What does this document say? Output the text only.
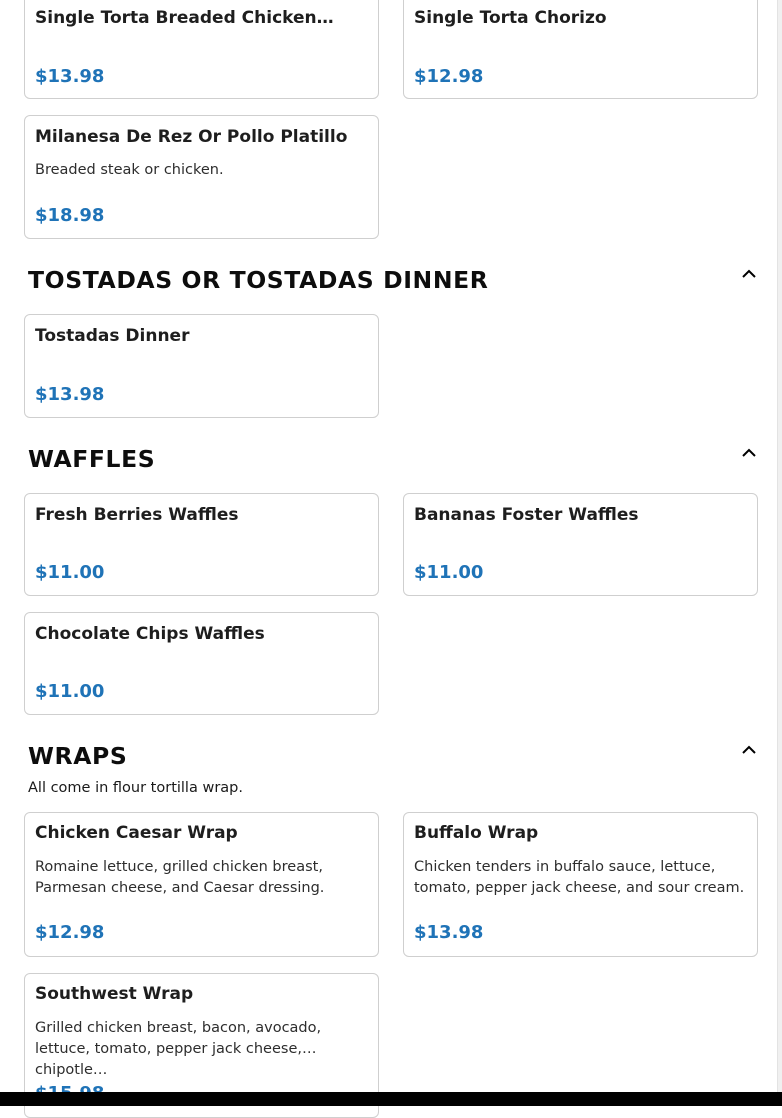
Single Torta Breaded Chicken…
$13.98
Single Torta Chorizo
$12.98
Milanesa De Rez Or Pollo Platillo
Breaded steak or chicken.
$18.98
TOSTADAS OR TOSTADAS DINNER
Tostadas Dinner
$13.98
WAFFLES
Fresh Berries Waffles
$11.00
Bananas Foster Waffles
$11.00
Chocolate Chips Waffles
$11.00
WRAPS
All come in flour tortilla wrap.
Chicken Caesar Wrap
Romaine lettuce, grilled chicken breast, Parmesan cheese, and Caesar dressing.
$12.98
Buffalo Wrap
Chicken tenders in buffalo sauce, lettuce, tomato, pepper jack cheese, and sour cream.
$13.98
Southwest Wrap
Grilled chicken breast, bacon, avocado, lettuce, tomato, pepper jack cheese, chipotle…
